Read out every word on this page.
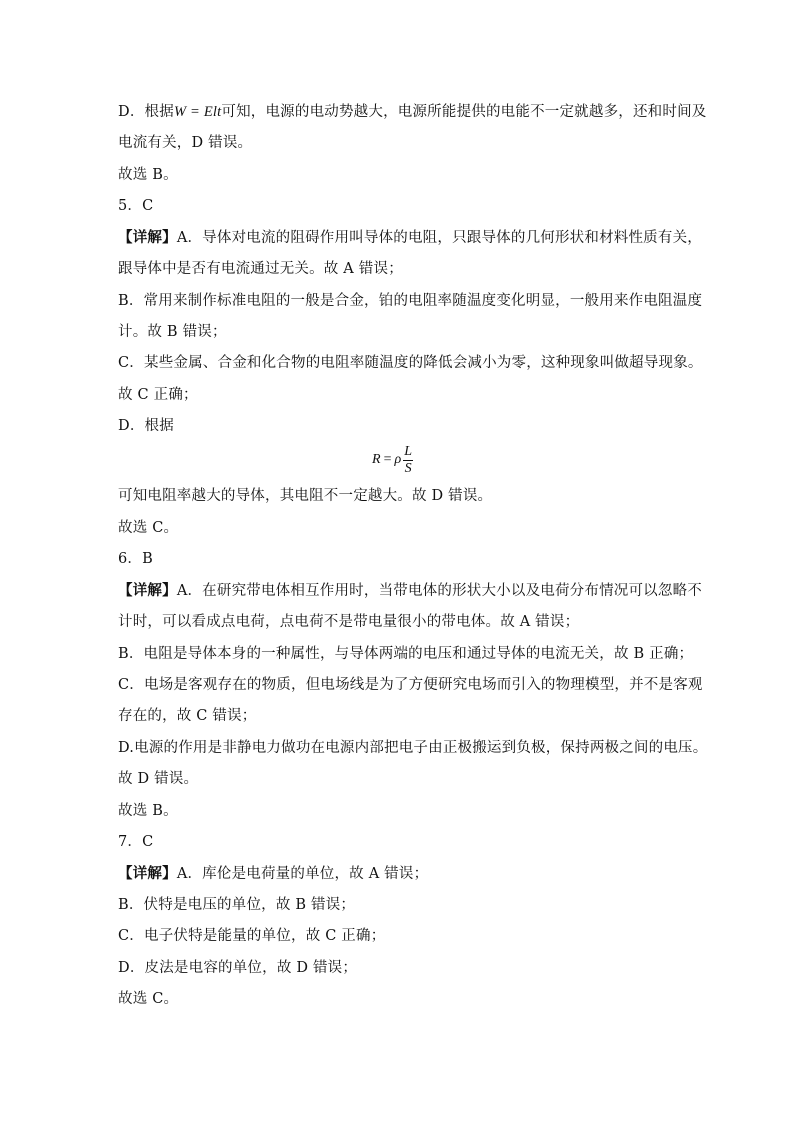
D．根据W = Elt可知，电源的电动势越大，电源所能提供的电能不一定就越多，还和时间及
电流有关，D 错误。
故选 B。
5．C
【详解】A．导体对电流的阻碍作用叫导体的电阻，只跟导体的几何形状和材料性质有关，
跟导体中是否有电流通过无关。故 A 错误；
B．常用来制作标准电阻的一般是合金，铂的电阻率随温度变化明显，一般用来作电阻温度
计。故 B 错误；
C．某些金属、合金和化合物的电阻率随温度的降低会减小为零，这种现象叫做超导现象。
故 C 正确；
D．根据
R = ρ $\frac{L}{S}$
可知电阻率越大的导体，其电阻不一定越大。故 D 错误。
故选 C。
6．B
【详解】A．在研究带电体相互作用时，当带电体的形状大小以及电荷分布情况可以忽略不
计时，可以看成点电荷，点电荷不是带电量很小的带电体。故 A 错误；
B．电阻是导体本身的一种属性，与导体两端的电压和通过导体的电流无关，故 B 正确；
C．电场是客观存在的物质，但电场线是为了方便研究电场而引入的物理模型，并不是客观
存在的，故 C 错误；
D.电源的作用是非静电力做功在电源内部把电子由正极搬运到负极，保持两极之间的电压。
故 D 错误。
故选 B。
7．C
【详解】A．库伦是电荷量的单位，故 A 错误；
B．伏特是电压的单位，故 B 错误；
C．电子伏特是能量的单位，故 C 正确；
D．皮法是电容的单位，故 D 错误；
故选 C。
